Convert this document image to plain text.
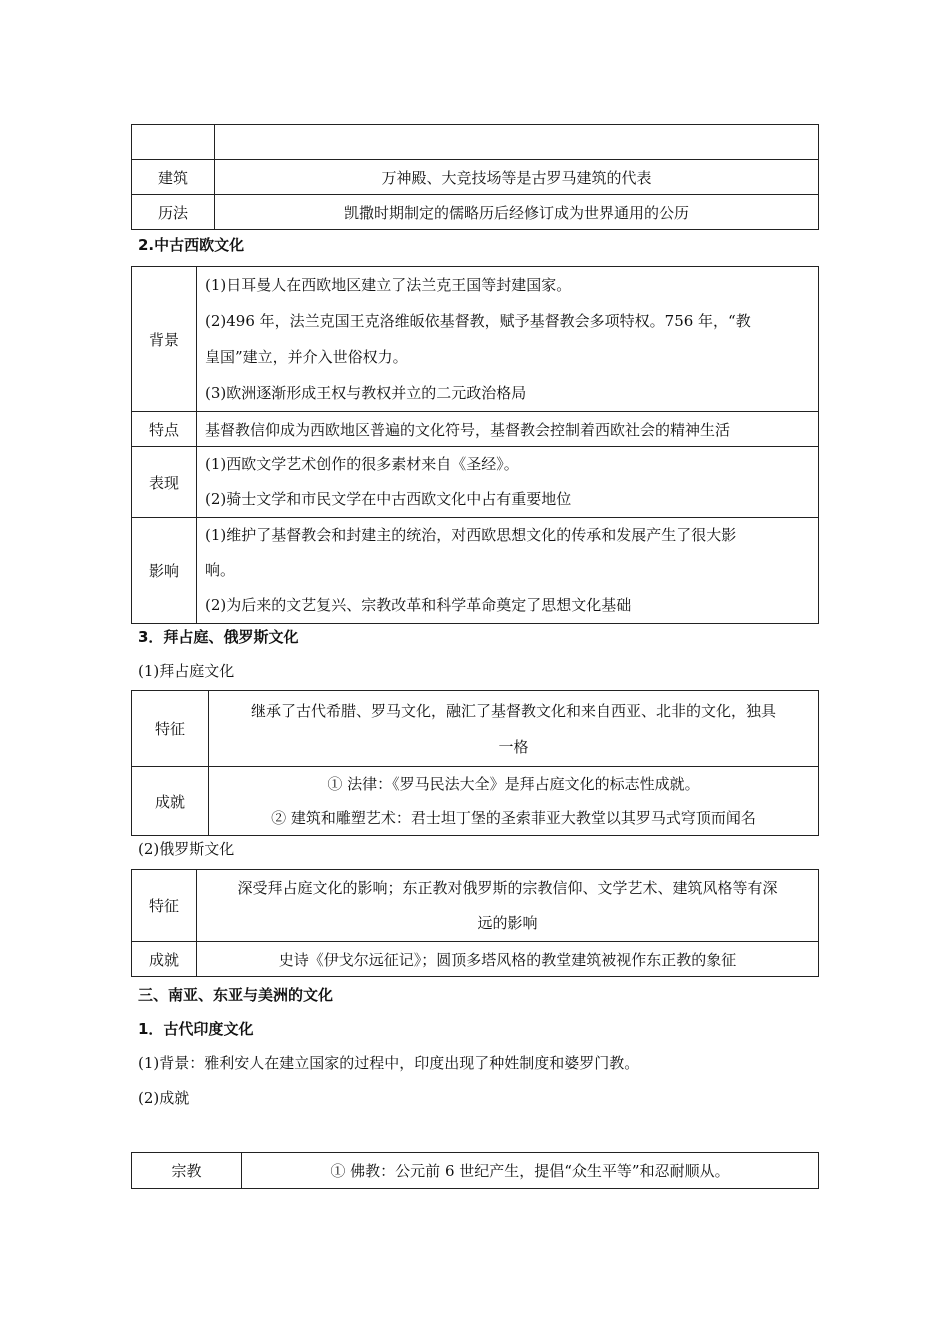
建筑	万神殿、大竞技场等是古罗马建筑的代表
历法	凯撒时期制定的儒略历后经修订成为世界通用的公历
2.中古西欧文化
背景	(1)日耳曼人在西欧地区建立了法兰克王国等封建国家。
(2)496 年，法兰克国王克洛维皈依基督教，赋予基督教会多项特权。756 年，“教
皇国”建立，并介入世俗权力。
(3)欧洲逐渐形成王权与教权并立的二元政治格局

特点	基督教信仰成为西欧地区普遍的文化符号，基督教会控制着西欧社会的精神生活

表现	(1)西欧文学艺术创作的很多素材来自《圣经》。
(2)骑士文学和市民文学在中古西欧文化中占有重要地位

影响	(1)维护了基督教会和封建主的统治，对西欧思想文化的传承和发展产生了很大影
响。
(2)为后来的文艺复兴、宗教改革和科学革命奠定了思想文化基础
3．拜占庭、俄罗斯文化
(1)拜占庭文化
特征	继承了古代希腊、罗马文化，融汇了基督教文化和来自西亚、北非的文化，独具
一格

成就	① 法律：《罗马民法大全》是拜占庭文化的标志性成就。
② 建筑和雕塑艺术：君士坦丁堡的圣索菲亚大教堂以其罗马式穹顶而闻名
(2)俄罗斯文化
特征	深受拜占庭文化的影响；东正教对俄罗斯的宗教信仰、文学艺术、建筑风格等有深
远的影响

成就	史诗《伊戈尔远征记》；圆顶多塔风格的教堂建筑被视作东正教的象征
三、南亚、东亚与美洲的文化
1．古代印度文化
(1)背景：雅利安人在建立国家的过程中，印度出现了种姓制度和婆罗门教。
(2)成就
宗教	① 佛教：公元前 6 世纪产生，提倡“众生平等”和忍耐顺从。
